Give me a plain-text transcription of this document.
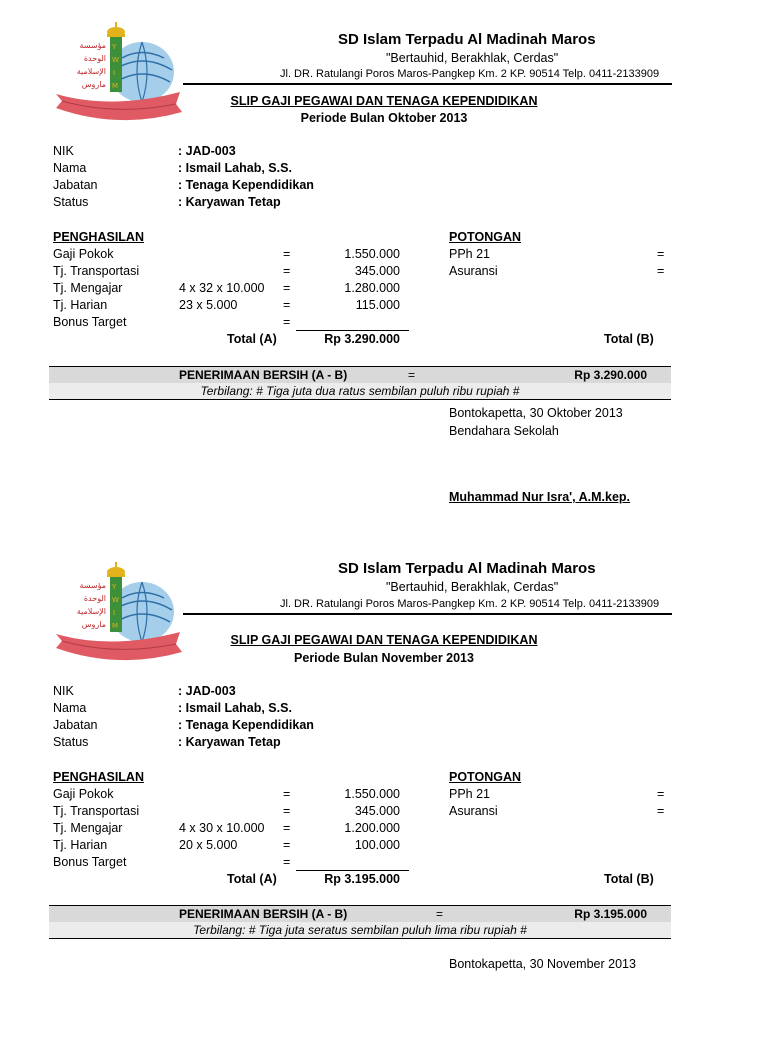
Y
W
I
M
مؤسسة
الوحدة
الإسلامية
ماروس
SD Islam Terpadu Al Madinah Maros
"Bertauhid, Berakhlak, Cerdas"
Jl. DR. Ratulangi Poros Maros-Pangkep Km. 2 KP. 90514 Telp. 0411-2133909
SLIP GAJI PEGAWAI DAN TENAGA KEPENDIDIKAN
Periode Bulan Oktober 2013
NIK	: JAD-003
Nama	: Ismail Lahab, S.S.
Jabatan	: Tenaga Kependidikan
Status	: Karyawan Tetap
PENGHASILAN	POTONGAN
Gaji Pokok	=	1.550.000	PPh 21	=
Tj. Transportasi	=	345.000	Asuransi	=
Tj. Mengajar	4 x 32 x 10.000 =	1.280.000
Tj. Harian	23 x 5.000	=	115.000
Bonus Target	=
Total (A)	Rp 3.290.000	Total (B)
PENERIMAAN BERSIH (A - B)	=	Rp 3.290.000
Terbilang: # Tiga juta dua ratus sembilan puluh ribu rupiah #
Bontokapetta, 30 Oktober 2013
Bendahara Sekolah
Muhammad Nur Isra', A.M.kep.
Y
W
I
M
مؤسسة
الوحدة
الإسلامية
ماروس
SD Islam Terpadu Al Madinah Maros
"Bertauhid, Berakhlak, Cerdas"
Jl. DR. Ratulangi Poros Maros-Pangkep Km. 2 KP. 90514 Telp. 0411-2133909
SLIP GAJI PEGAWAI DAN TENAGA KEPENDIDIKAN
Periode Bulan November 2013
NIK	: JAD-003
Nama	: Ismail Lahab, S.S.
Jabatan	: Tenaga Kependidikan
Status	: Karyawan Tetap
PENGHASILAN	POTONGAN
Gaji Pokok	=	1.550.000	PPh 21	=
Tj. Transportasi	=	345.000	Asuransi	=
Tj. Mengajar	4 x 30 x 10.000 =	1.200.000
Tj. Harian	20 x 5.000	=	100.000
Bonus Target	=
Total (A)	Rp 3.195.000	Total (B)
PENERIMAAN BERSIH (A - B)	=	Rp 3.195.000
Terbilang: # Tiga juta seratus sembilan puluh lima ribu rupiah #
Bontokapetta, 30 November 2013
